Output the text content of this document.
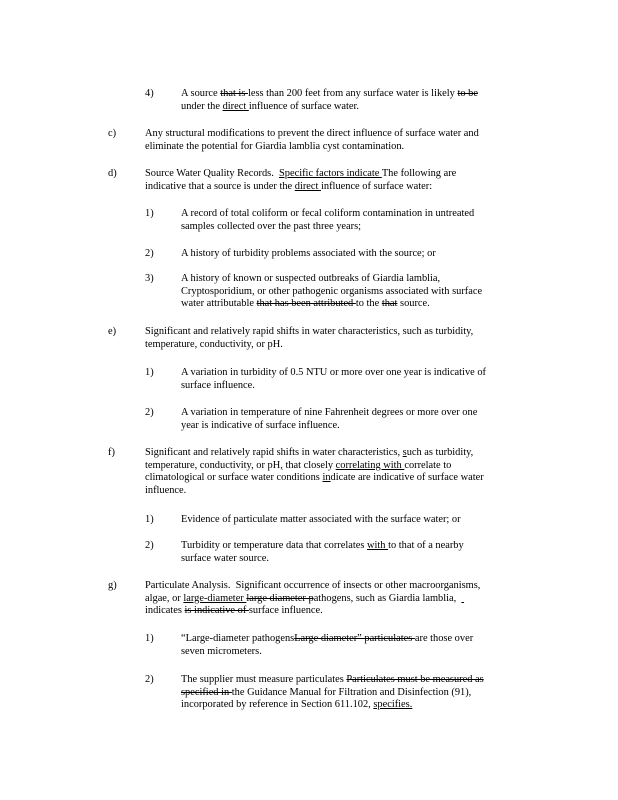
4)	A source that is less than 200 feet from any surface water is likely to be
under the direct influence of surface water.
c)	Any structural modifications to prevent the direct influence of surface water and
eliminate the potential for Giardia lamblia cyst contamination.
d)	Source Water Quality Records.  Specific factors indicate The following are
indicative that a source is under the direct influence of surface water:
1)	A record of total coliform or fecal coliform contamination in untreated
samples collected over the past three years;
2)	A history of turbidity problems associated with the source; or
3)	A history of known or suspected outbreaks of Giardia lamblia,
Cryptosporidium, or other pathogenic organisms associated with surface
water attributable that has been attributed to the that source.
e)	Significant and relatively rapid shifts in water characteristics, such as turbidity,
temperature, conductivity, or pH.
1)	A variation in turbidity of 0.5 NTU or more over one year is indicative of
surface influence.
2)	A variation in temperature of nine Fahrenheit degrees or more over one
year is indicative of surface influence.
f)	Significant and relatively rapid shifts in water characteristics, such as turbidity,
temperature, conductivity, or pH, that closely correlating with correlate to
climatological or surface water conditions indicate are indicative of surface water
influence.
1)	Evidence of particulate matter associated with the surface water; or
2)	Turbidity or temperature data that correlates with to that of a nearby
surface water source.
g)	Particulate Analysis.  Significant occurrence of insects or other macroorganisms,
algae, or large-diameter large diameter pathogens, such as Giardia lamblia,
indicates is indicative of surface influence.
1)	“Large-diameter pathogensLarge diameter” particulates are those over
seven micrometers.
2)	The supplier must measure particulates Particulates must be measured as
specified in the Guidance Manual for Filtration and Disinfection (91),
incorporated by reference in Section 611.102, specifies.
